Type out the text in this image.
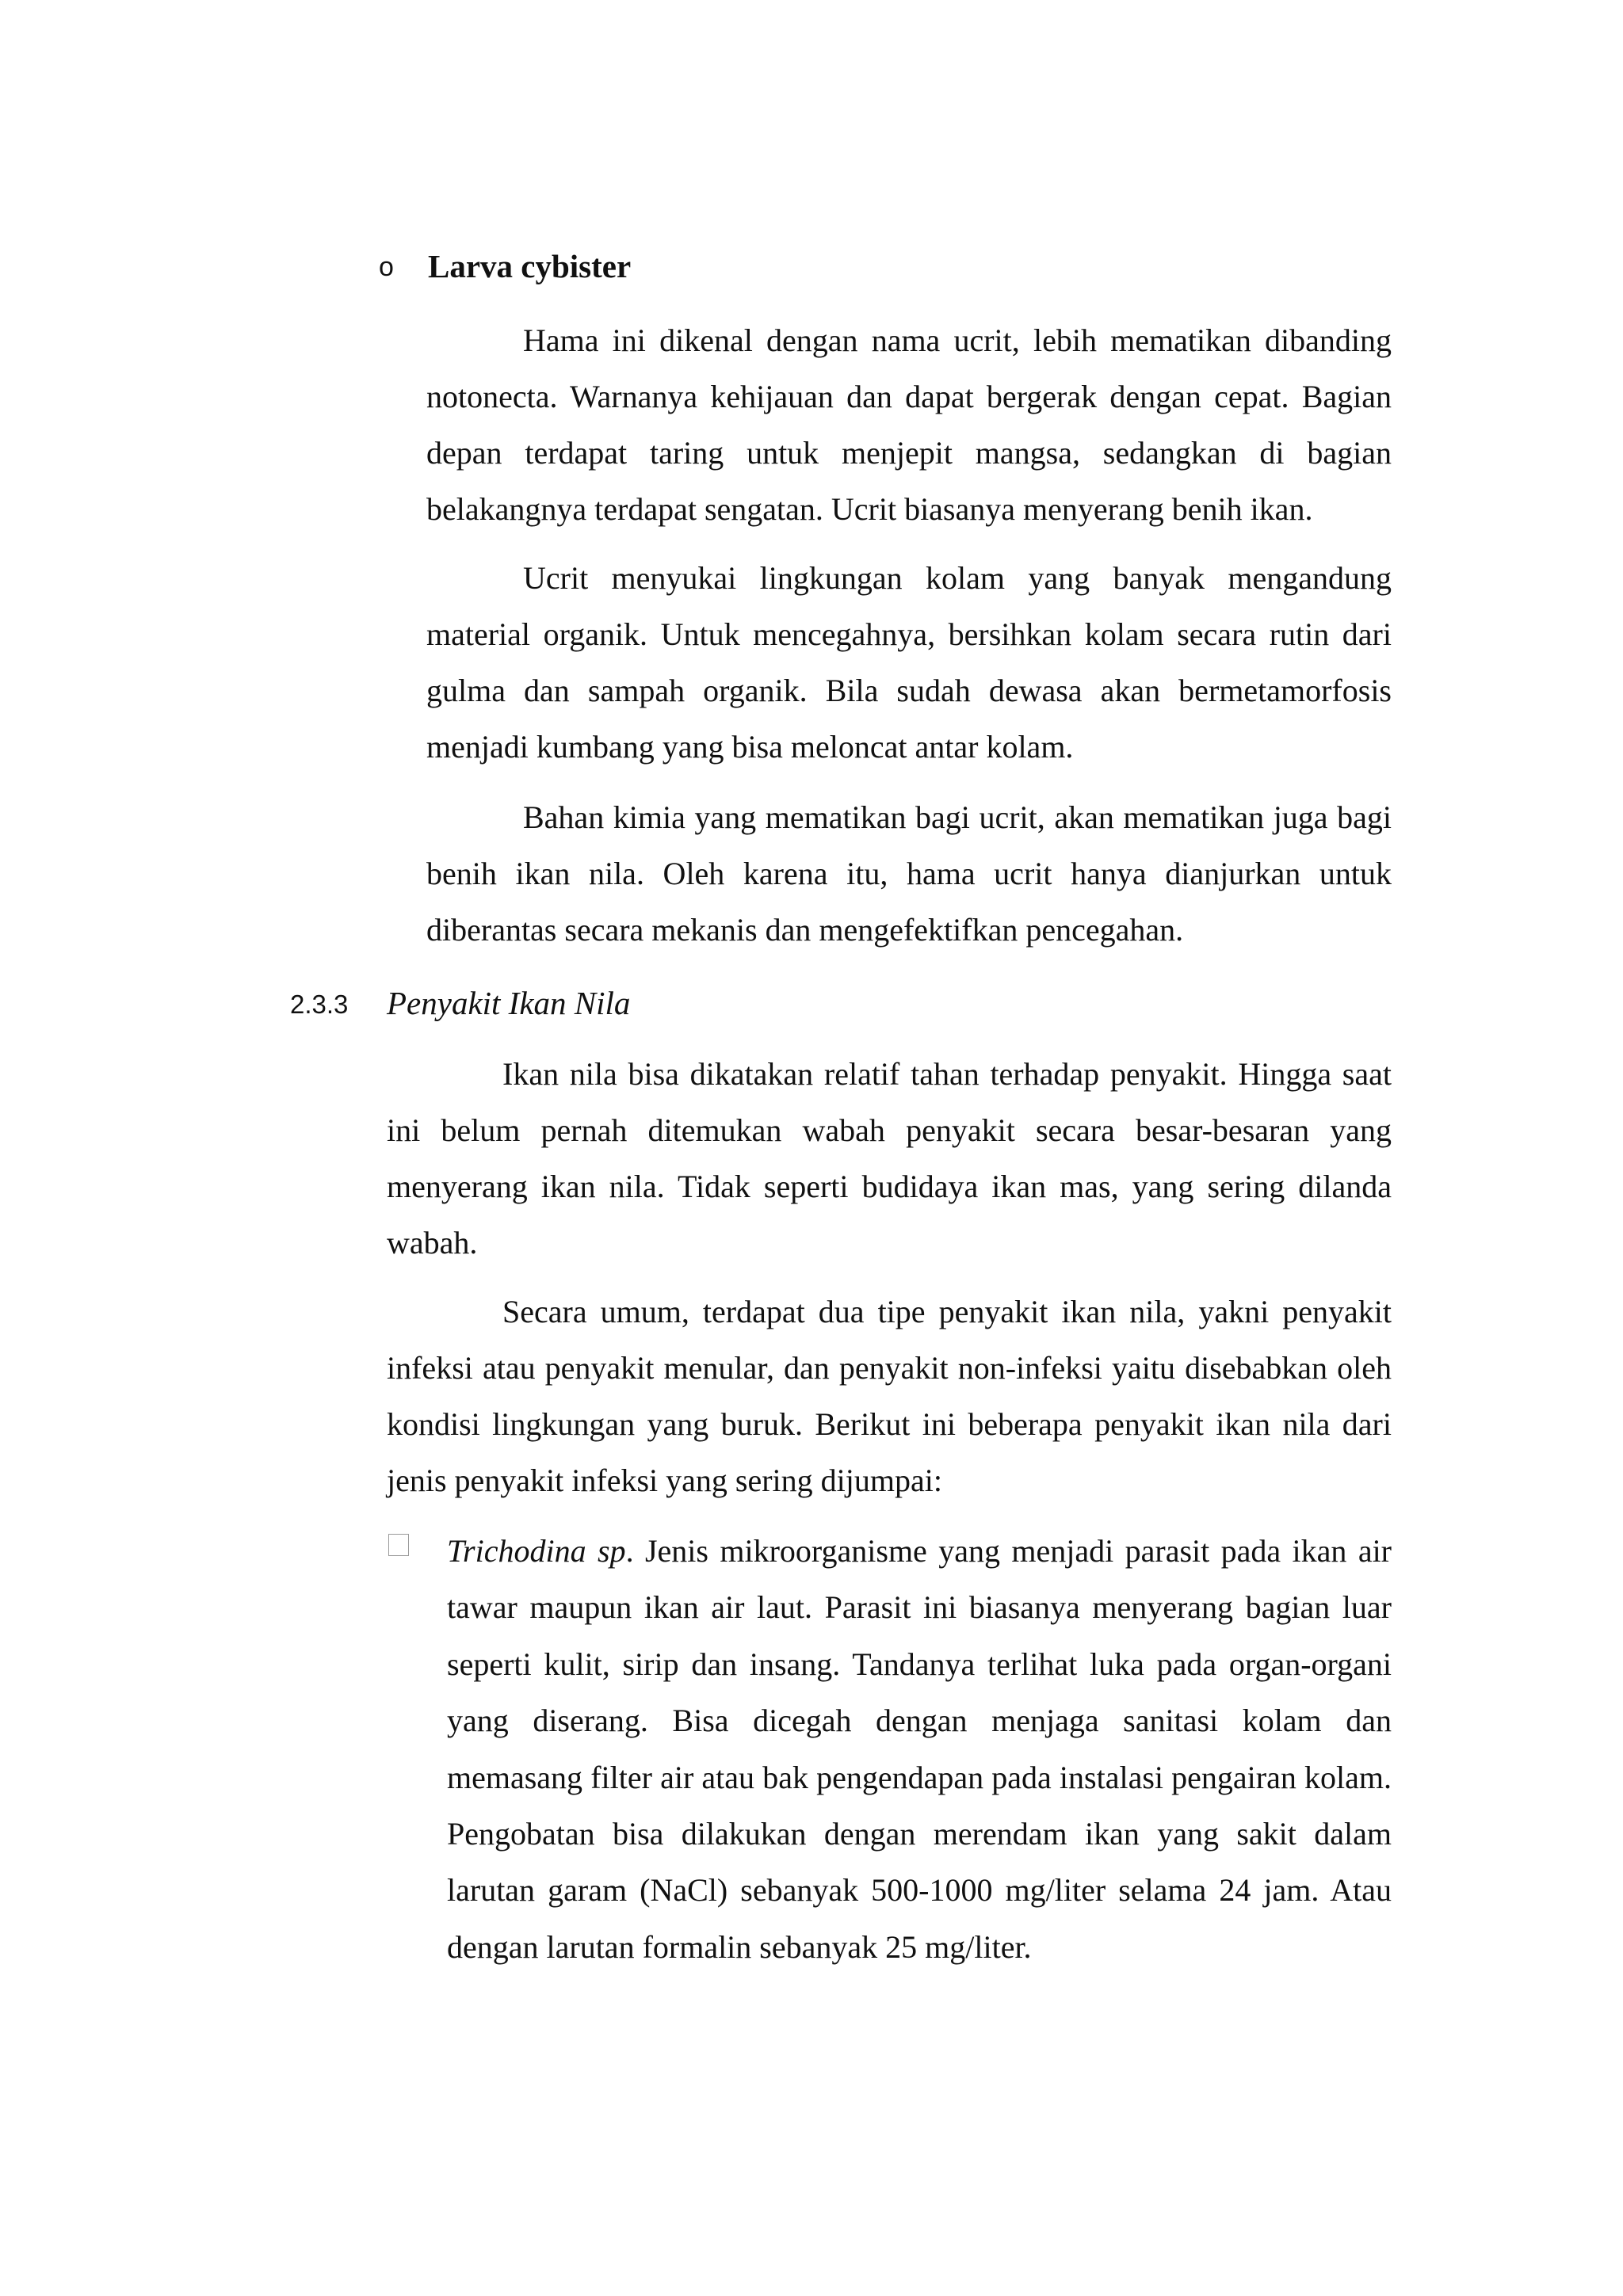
o Larva cybister

Hama ini dikenal dengan nama ucrit, lebih mematikan dibanding notonecta. Warnanya kehijauan dan dapat bergerak dengan cepat. Bagian depan terdapat taring untuk menjepit mangsa, sedangkan di bagian belakangnya terdapat sengatan. Ucrit biasanya menyerang benih ikan.

Ucrit menyukai lingkungan kolam yang banyak mengandung material organik. Untuk mencegahnya, bersihkan kolam secara rutin dari gulma dan sampah organik. Bila sudah dewasa akan bermetamorfosis menjadi kumbang yang bisa meloncat antar kolam.

Bahan kimia yang mematikan bagi ucrit, akan mematikan juga bagi benih ikan nila. Oleh karena itu, hama ucrit hanya dianjurkan untuk diberantas secara mekanis dan mengefektifkan pencegahan.

2.3.3 Penyakit Ikan Nila

Ikan nila bisa dikatakan relatif tahan terhadap penyakit. Hingga saat ini belum pernah ditemukan wabah penyakit secara besar-besaran yang menyerang ikan nila. Tidak seperti budidaya ikan mas, yang sering dilanda wabah.

Secara umum, terdapat dua tipe penyakit ikan nila, yakni penyakit infeksi atau penyakit menular, dan penyakit non-infeksi yaitu disebabkan oleh kondisi lingkungan yang buruk. Berikut ini beberapa penyakit ikan nila dari jenis penyakit infeksi yang sering dijumpai:

Trichodina sp. Jenis mikroorganisme yang menjadi parasit pada ikan air tawar maupun ikan air laut. Parasit ini biasanya menyerang bagian luar seperti kulit, sirip dan insang. Tandanya terlihat luka pada organ-organi yang diserang. Bisa dicegah dengan menjaga sanitasi kolam dan memasang filter air atau bak pengendapan pada instalasi pengairan kolam. Pengobatan bisa dilakukan dengan merendam ikan yang sakit dalam larutan garam (NaCl) sebanyak 500-1000 mg/liter selama 24 jam. Atau dengan larutan formalin sebanyak 25 mg/liter.
